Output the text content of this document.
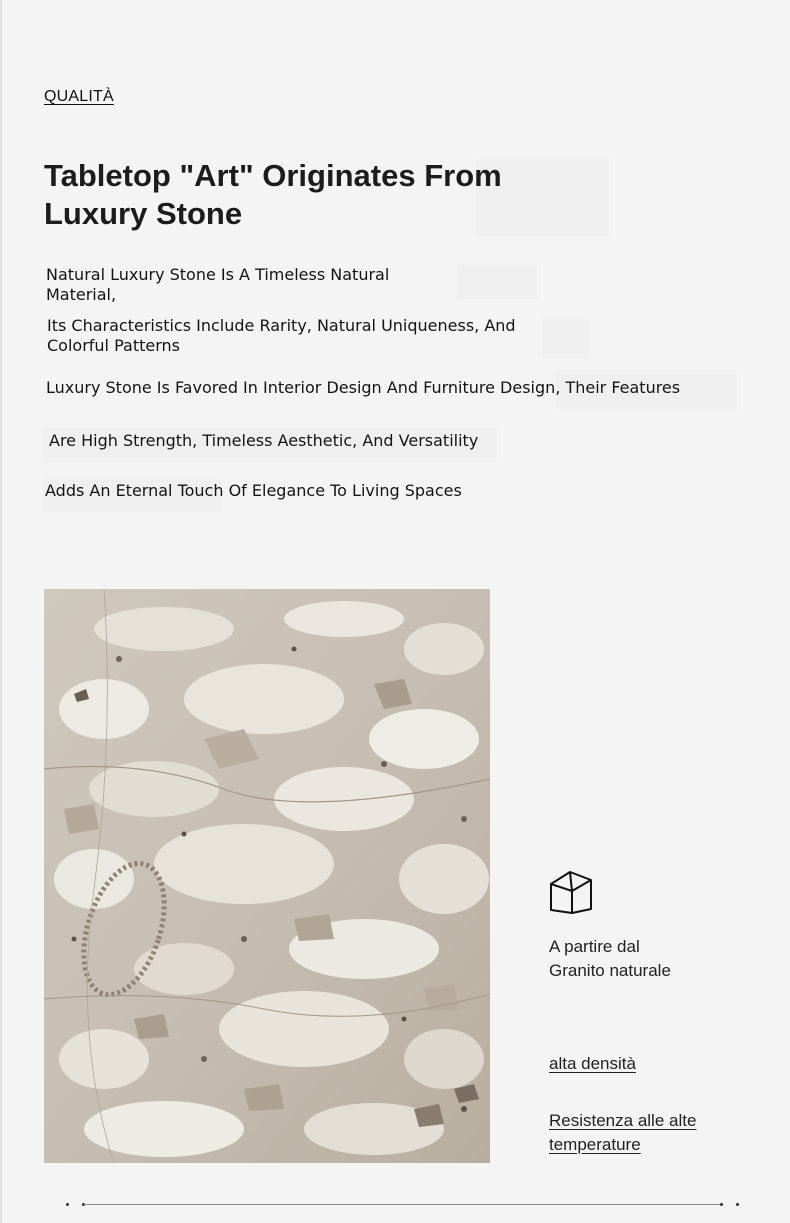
QUALITÀ
Tabletop "Art" Originates From Luxury Stone

Natural Luxury Stone Is A Timeless Natural Material,

Its Characteristics Include Rarity, Natural Uniqueness, And Colorful Patterns

Luxury Stone Is Favored In Interior Design And Furniture Design, Their Features

Are High Strength, Timeless Aesthetic, And Versatility

Adds An Eternal Touch Of Elegance To Living Spaces

A partire dal
Granito naturale
alta densità
Resistenza alle alte
temperature
